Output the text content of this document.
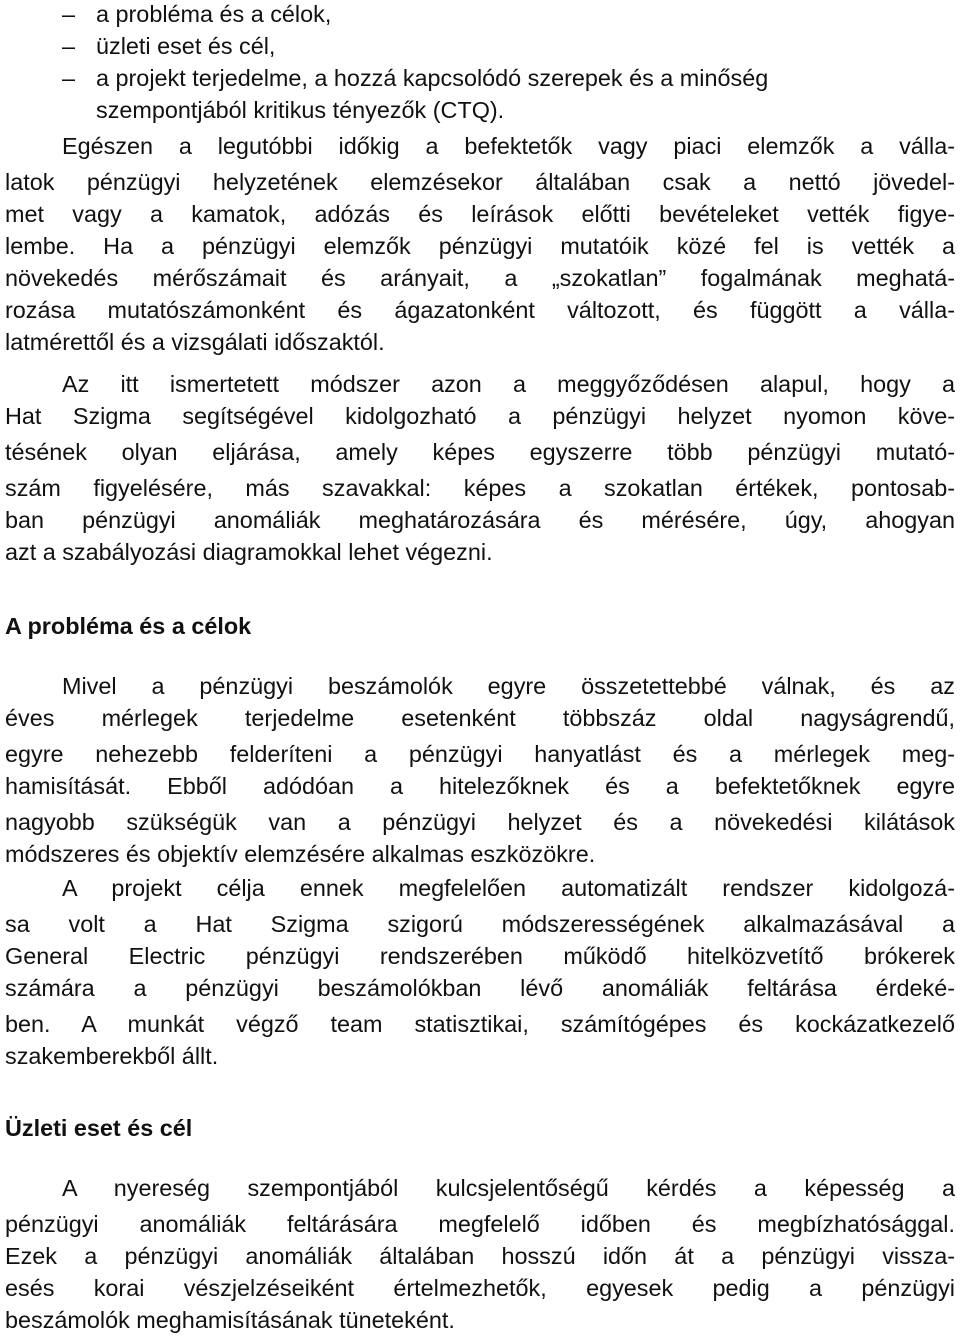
– a probléma és a célok,
– üzleti eset és cél,
– a projekt terjedelme, a hozzá kapcsolódó szerepek és a minőség
szempontjából kritikus tényezők (CTQ).
Egészen a legutóbbi időkig a befektetők vagy piaci elemzők a válla-
latok pénzügyi helyzetének elemzésekor általában csak a nettó jövedel-
met vagy a kamatok, adózás és leírások előtti bevételeket vették figye-
lembe. Ha a pénzügyi elemzők pénzügyi mutatóik közé fel is vették a
növekedés mérőszámait és arányait, a „szokatlan” fogalmának meghatá-
rozása mutatószámonként és ágazatonként változott, és függött a válla-
latmérettől és a vizsgálati időszaktól.
Az itt ismertetett módszer azon a meggyőződésen alapul, hogy a
Hat Szigma segítségével kidolgozható a pénzügyi helyzet nyomon köve-
tésének olyan eljárása, amely képes egyszerre több pénzügyi mutató-
szám figyelésére, más szavakkal: képes a szokatlan értékek, pontosab-
ban pénzügyi anomáliák meghatározására és mérésére, úgy, ahogyan
azt a szabályozási diagramokkal lehet végezni.
A probléma és a célok
Mivel a pénzügyi beszámolók egyre összetettebbé válnak, és az
éves mérlegek terjedelme esetenként többszáz oldal nagyságrendű,
egyre nehezebb felderíteni a pénzügyi hanyatlást és a mérlegek meg-
hamisítását. Ebből adódóan a hitelezőknek és a befektetőknek egyre
nagyobb szükségük van a pénzügyi helyzet és a növekedési kilátások
módszeres és objektív elemzésére alkalmas eszközökre.
A projekt célja ennek megfelelően automatizált rendszer kidolgozá-
sa volt a Hat Szigma szigorú módszerességének alkalmazásával a
General Electric pénzügyi rendszerében működő hitelközvetítő brókerek
számára a pénzügyi beszámolókban lévő anomáliák feltárása érdeké-
ben. A munkát végző team statisztikai, számítógépes és kockázatkezelő
szakemberekből állt.
Üzleti eset és cél
A nyereség szempontjából kulcsjelentőségű kérdés a képesség a
pénzügyi anomáliák feltárására megfelelő időben és megbízhatósággal.
Ezek a pénzügyi anomáliák általában hosszú időn át a pénzügyi vissza-
esés korai vészjelzéseiként értelmezhetők, egyesek pedig a pénzügyi
beszámolók meghamisításának tüneteként.
